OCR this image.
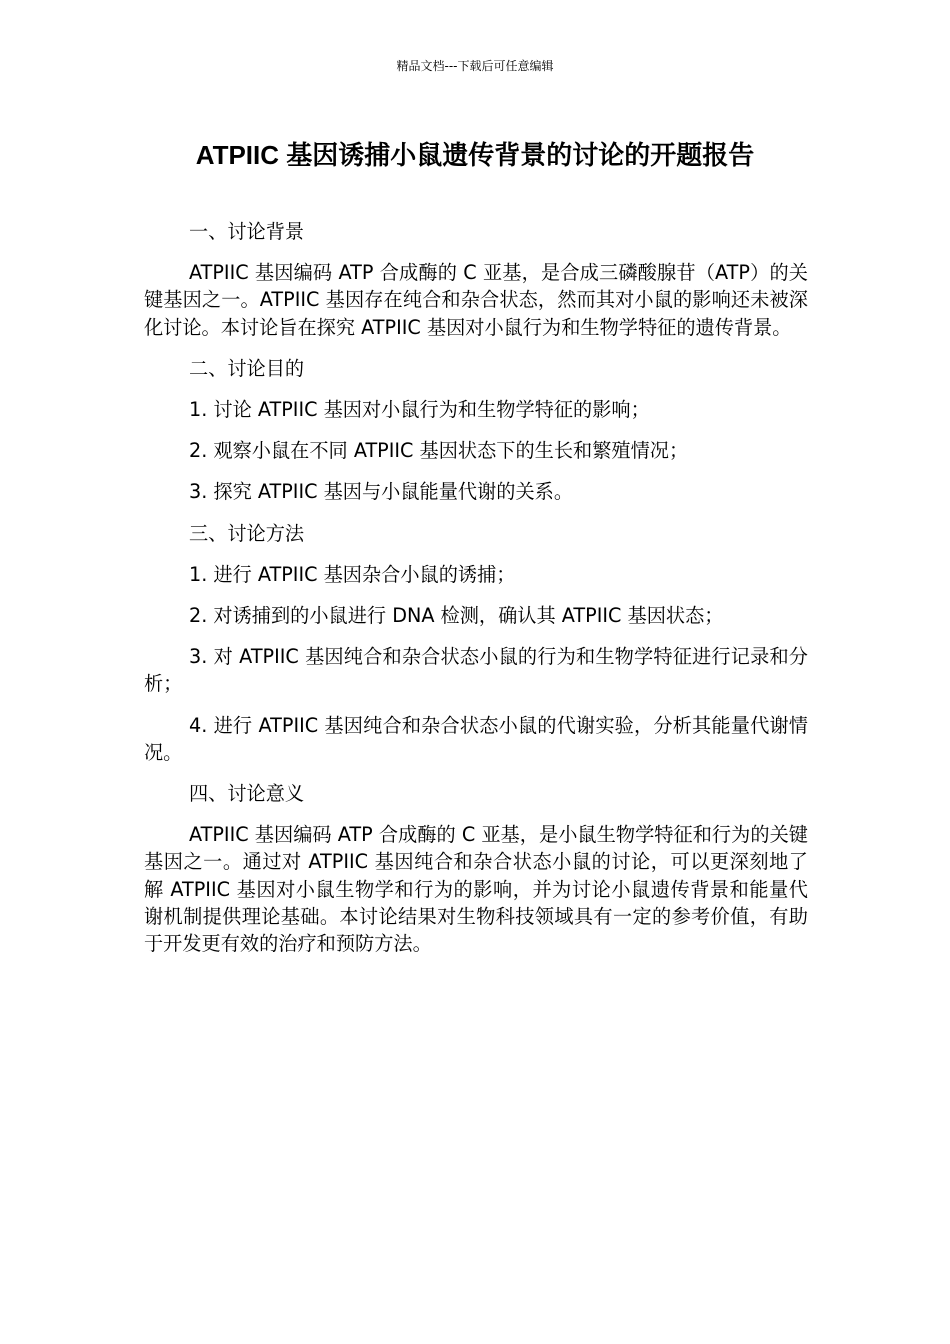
精品文档---下载后可任意编辑
ATPIIC 基因诱捕小鼠遗传背景的讨论的开题报告

一、讨论背景

ATPIIC 基因编码 ATP 合成酶的 C 亚基，是合成三磷酸腺苷（ATP）的关键基因之一。ATPIIC 基因存在纯合和杂合状态，然而其对小鼠的影响还未被深化讨论。本讨论旨在探究 ATPIIC 基因对小鼠行为和生物学特征的遗传背景。

二、讨论目的

1. 讨论 ATPIIC 基因对小鼠行为和生物学特征的影响；

2. 观察小鼠在不同 ATPIIC 基因状态下的生长和繁殖情况；

3. 探究 ATPIIC 基因与小鼠能量代谢的关系。

三、讨论方法

1. 进行 ATPIIC 基因杂合小鼠的诱捕；

2. 对诱捕到的小鼠进行 DNA 检测，确认其 ATPIIC 基因状态；

3. 对 ATPIIC 基因纯合和杂合状态小鼠的行为和生物学特征进行记录和分析；

4. 进行 ATPIIC 基因纯合和杂合状态小鼠的代谢实验，分析其能量代谢情况。

四、讨论意义

ATPIIC 基因编码 ATP 合成酶的 C 亚基，是小鼠生物学特征和行为的关键基因之一。通过对 ATPIIC 基因纯合和杂合状态小鼠的讨论，可以更深刻地了解 ATPIIC 基因对小鼠生物学和行为的影响，并为讨论小鼠遗传背景和能量代谢机制提供理论基础。本讨论结果对生物科技领域具有一定的参考价值，有助于开发更有效的治疗和预防方法。
